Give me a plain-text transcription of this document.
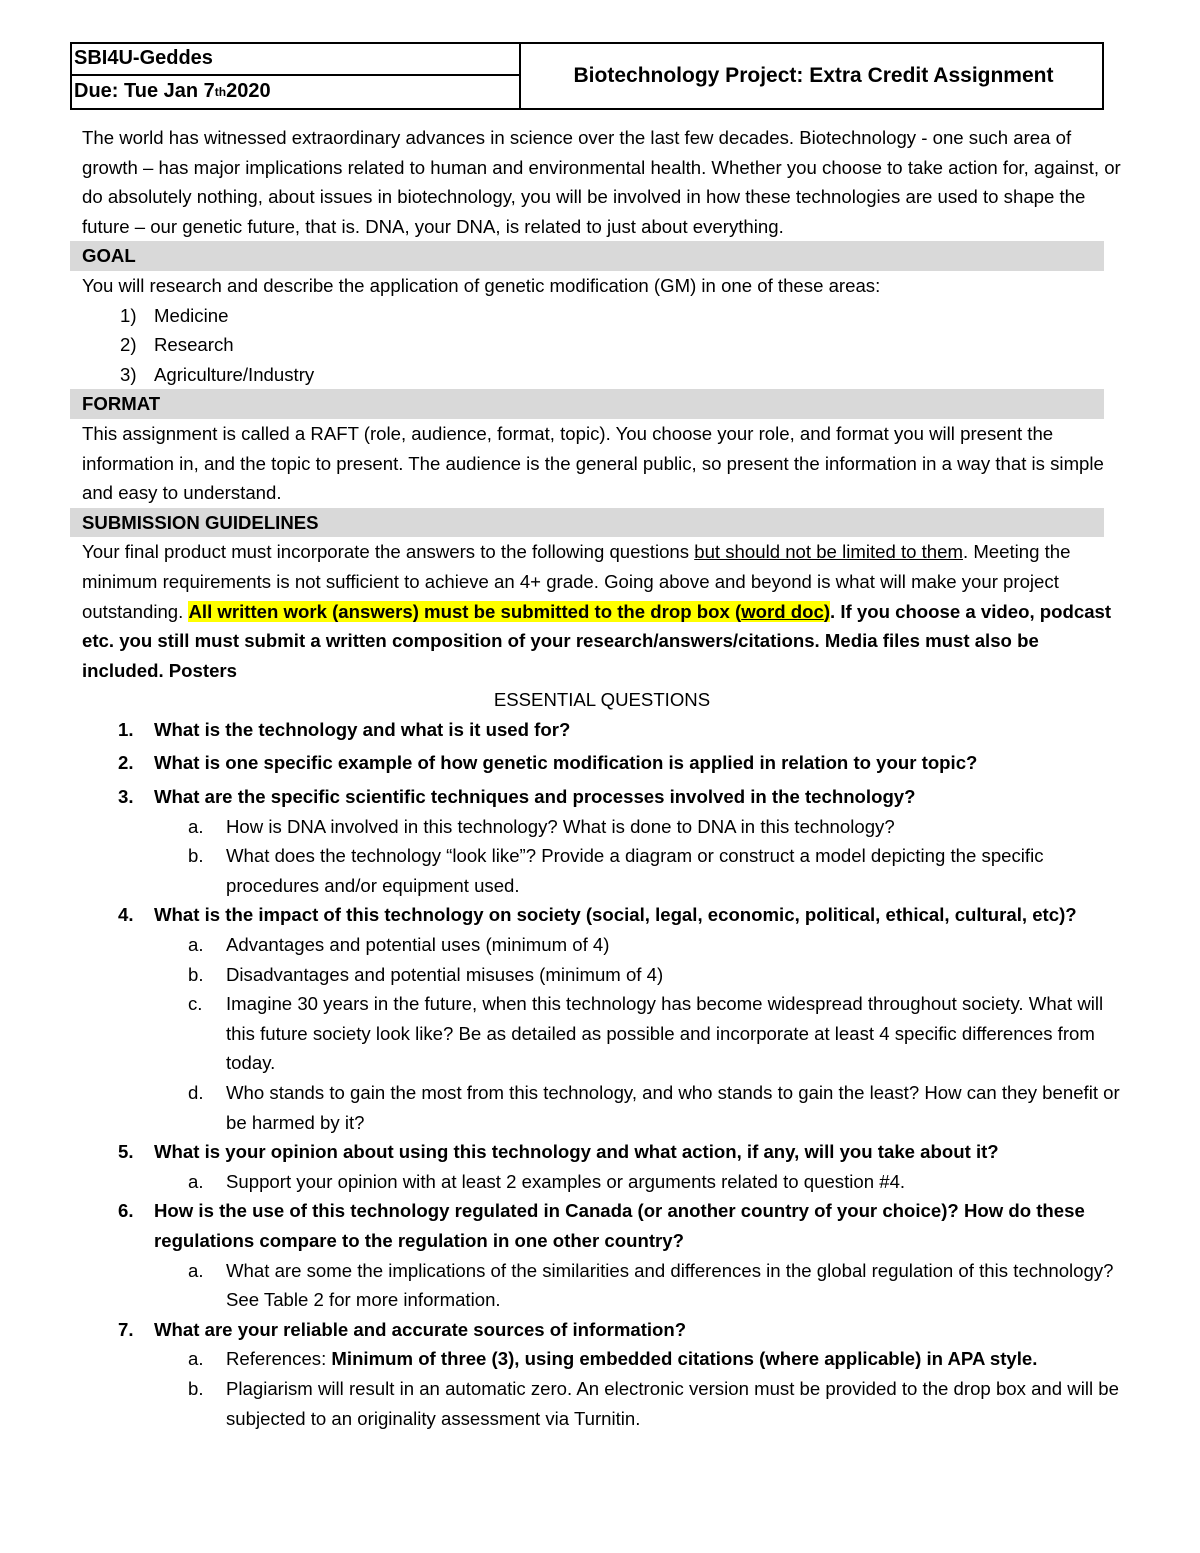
SBI4U-Geddes
Due: Tue Jan 7 th 2020
Biotechnology Project: Extra Credit Assignment

The world has witnessed extraordinary advances in science over the last few decades. Biotechnology - one such area of growth – has major implications related to human and environmental health. Whether you choose to take action for, against, or do absolutely nothing, about issues in biotechnology, you will be involved in how these technologies are used to shape the future – our genetic future, that is. DNA, your DNA, is related to just about everything.

GOAL

You will research and describe the application of genetic modification (GM) in one of these areas:

1) Medicine
2) Research
3) Agriculture/Industry
FORMAT

This assignment is called a RAFT (role, audience, format, topic). You choose your role, and format you will present the information in, and the topic to present. The audience is the general public, so present the information in a way that is simple and easy to understand.

SUBMISSION GUIDELINES

Your final product must incorporate the answers to the following questions but should not be limited to them. Meeting the minimum requirements is not sufficient to achieve an 4+ grade. Going above and beyond is what will make your project outstanding. All written work (answers) must be submitted to the drop box (word doc). If you choose a video, podcast etc. you still must submit a written composition of your research/answers/citations. Media files must also be included. Posters

ESSENTIAL QUESTIONS
1.	What is the technology and what is it used for?
2.	What is one specific example of how genetic modification is applied in relation to your topic?
3.	What are the specific scientific techniques and processes involved in the technology?
a.	How is DNA involved in this technology? What is done to DNA in this technology?
b.	What does the technology “look like”? Provide a diagram or construct a model depicting the specific procedures and/or equipment used.
4.	What is the impact of this technology on society (social, legal, economic, political, ethical, cultural, etc)?
a.	Advantages and potential uses (minimum of 4)
b.	Disadvantages and potential misuses (minimum of 4)
c.	Imagine 30 years in the future, when this technology has become widespread throughout society. What will this future society look like? Be as detailed as possible and incorporate at least 4 specific differences from today.
d.	Who stands to gain the most from this technology, and who stands to gain the least? How can they benefit or be harmed by it?
5.	What is your opinion about using this technology and what action, if any, will you take about it?
a.	Support your opinion with at least 2 examples or arguments related to question #4.
6.	How is the use of this technology regulated in Canada (or another country of your choice)? How do these regulations compare to the regulation in one other country?
a.	What are some the implications of the similarities and differences in the global regulation of this technology? See Table 2 for more information.
7.	What are your reliable and accurate sources of information?
a.	References: Minimum of three (3), using embedded citations (where applicable) in APA style.
b.	Plagiarism will result in an automatic zero. An electronic version must be provided to the drop box and will be subjected to an originality assessment via Turnitin.
